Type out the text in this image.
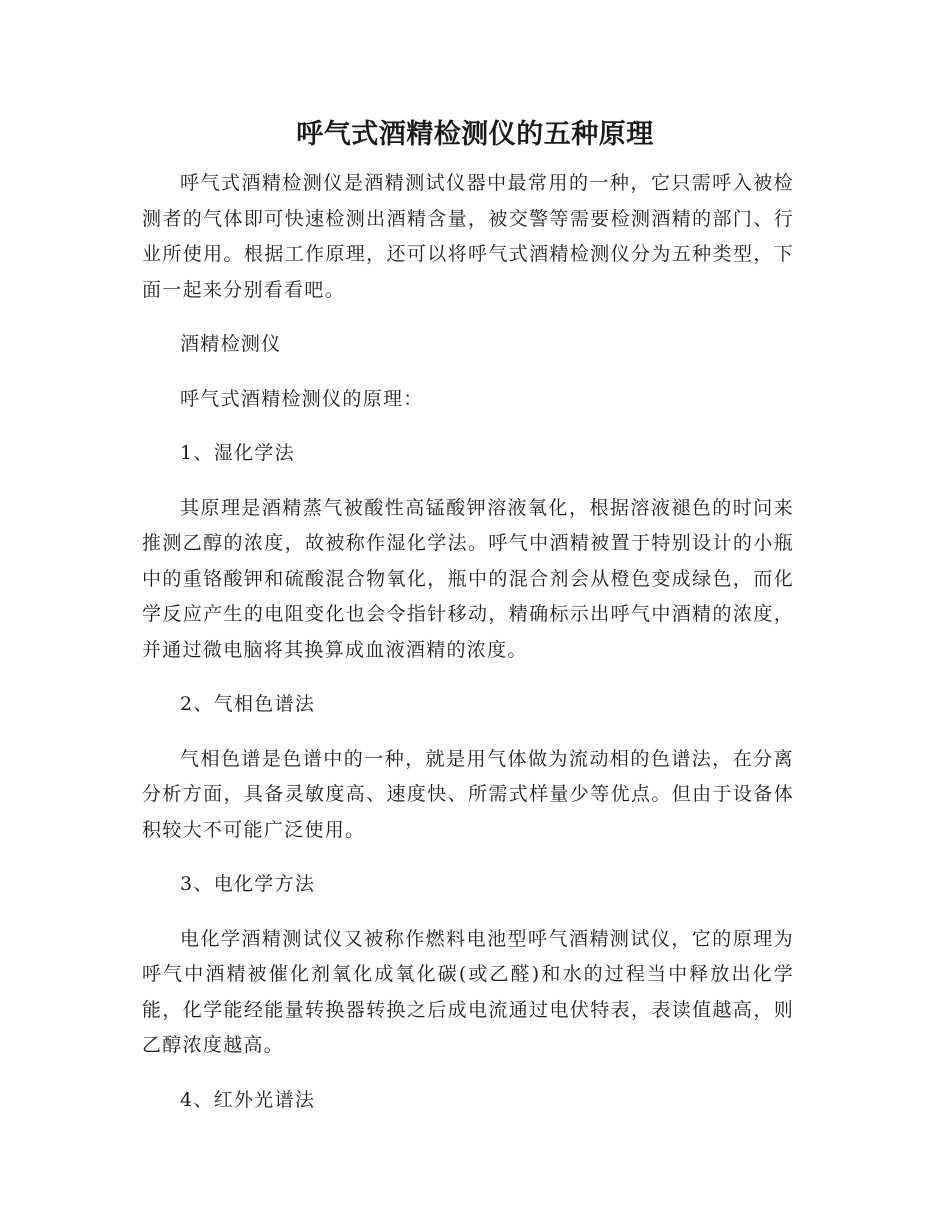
呼气式酒精检测仪的五种原理

呼气式酒精检测仪是酒精测试仪器中最常用的一种，它只需呼入被检测者的气体即可快速检测出酒精含量，被交警等需要检测酒精的部门、行业所使用。根据工作原理，还可以将呼气式酒精检测仪分为五种类型，下面一起来分别看看吧。

酒精检测仪

呼气式酒精检测仪的原理：

1、湿化学法

其原理是酒精蒸气被酸性高锰酸钾溶液氧化，根据溶液褪色的时问来推测乙醇的浓度，故被称作湿化学法。呼气中酒精被置于特别设计的小瓶中的重铬酸钾和硫酸混合物氧化，瓶中的混合剂会从橙色变成绿色，而化学反应产生的电阻变化也会令指针移动，精确标示出呼气中酒精的浓度，并通过微电脑将其换算成血液酒精的浓度。

2、气相色谱法

气相色谱是色谱中的一种，就是用气体做为流动相的色谱法，在分离分析方面，具备灵敏度高、速度快、所需式样量少等优点。但由于设备体积较大不可能广泛使用。

3、电化学方法

电化学酒精测试仪又被称作燃料电池型呼气酒精测试仪，它的原理为呼气中酒精被催化剂氧化成氧化碳(或乙醛)和水的过程当中释放出化学能，化学能经能量转换器转换之后成电流通过电伏特表，表读值越高，则乙醇浓度越高。

4、红外光谱法
